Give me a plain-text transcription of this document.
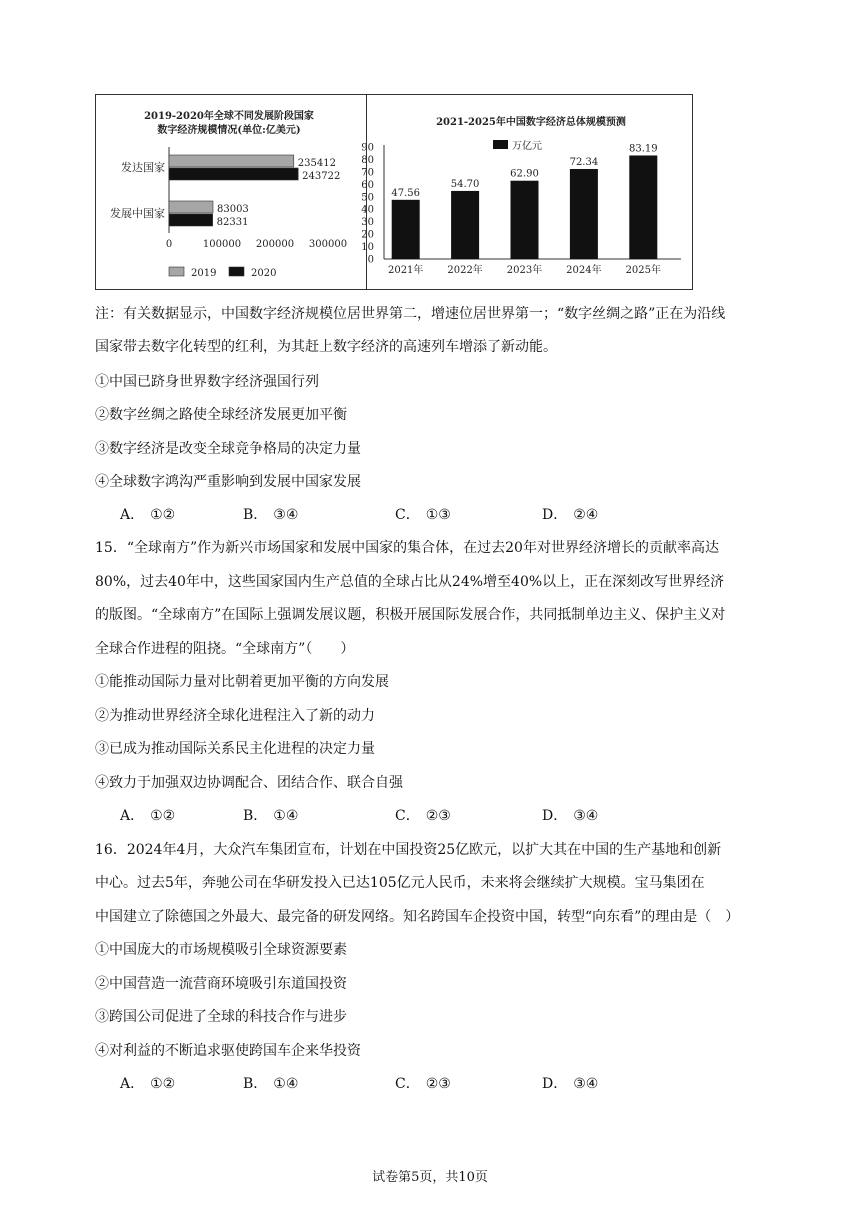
2019-2020年全球不同发展阶段国家
数字经济规模情况(单位:亿美元)
发达国家	235412
243722
发展中国家	83003
82331
0	100000 200000 300000
2019	2020
2021-2025年中国数字经济总体规模预测
万亿元
0
10
20
30
40
50
60
70
80
90
47.56
2021年
54.70
2022年
62.90
2023年
72.34
2024年
83.19
2025年
注：有关数据显示，中国数字经济规模位居世界第二，增速位居世界第一；“数字丝绸之路”正在为沿线
国家带去数字化转型的红利，为其赶上数字经济的高速列车增添了新动能。
①中国已跻身世界数字经济强国行列
②数字丝绸之路使全球经济发展更加平衡
③数字经济是改变全球竞争格局的决定力量
④全球数字鸿沟严重影响到发展中国家发展
A． ①②	B． ③④	C． ①③	D． ②④
15．“全球南方”作为新兴市场国家和发展中国家的集合体，在过去20年对世界经济增长的贡献率高达
80%，过去40年中，这些国家国内生产总值的全球占比从24%增至40%以上，正在深刻改写世界经济
的版图。“全球南方”在国际上强调发展议题，积极开展国际发展合作，共同抵制单边主义、保护主义对
全球合作进程的阻挠。“全球南方”（　　）
①能推动国际力量对比朝着更加平衡的方向发展
②为推动世界经济全球化进程注入了新的动力
③已成为推动国际关系民主化进程的决定力量
④致力于加强双边协调配合、团结合作、联合自强
A． ①②	B． ①④	C． ②③	D． ③④
16．2024年4月，大众汽车集团宣布，计划在中国投资25亿欧元，以扩大其在中国的生产基地和创新
中心。过去5年，奔驰公司在华研发投入已达105亿元人民币，未来将会继续扩大规模。宝马集团在
中国建立了除德国之外最大、最完备的研发网络。知名跨国车企投资中国，转型“向东看”的理由是（　）
①中国庞大的市场规模吸引全球资源要素
②中国营造一流营商环境吸引东道国投资
③跨国公司促进了全球的科技合作与进步
④对利益的不断追求驱使跨国车企来华投资
A． ①②	B． ①④	C． ②③	D． ③④
试卷第5页，共10页
